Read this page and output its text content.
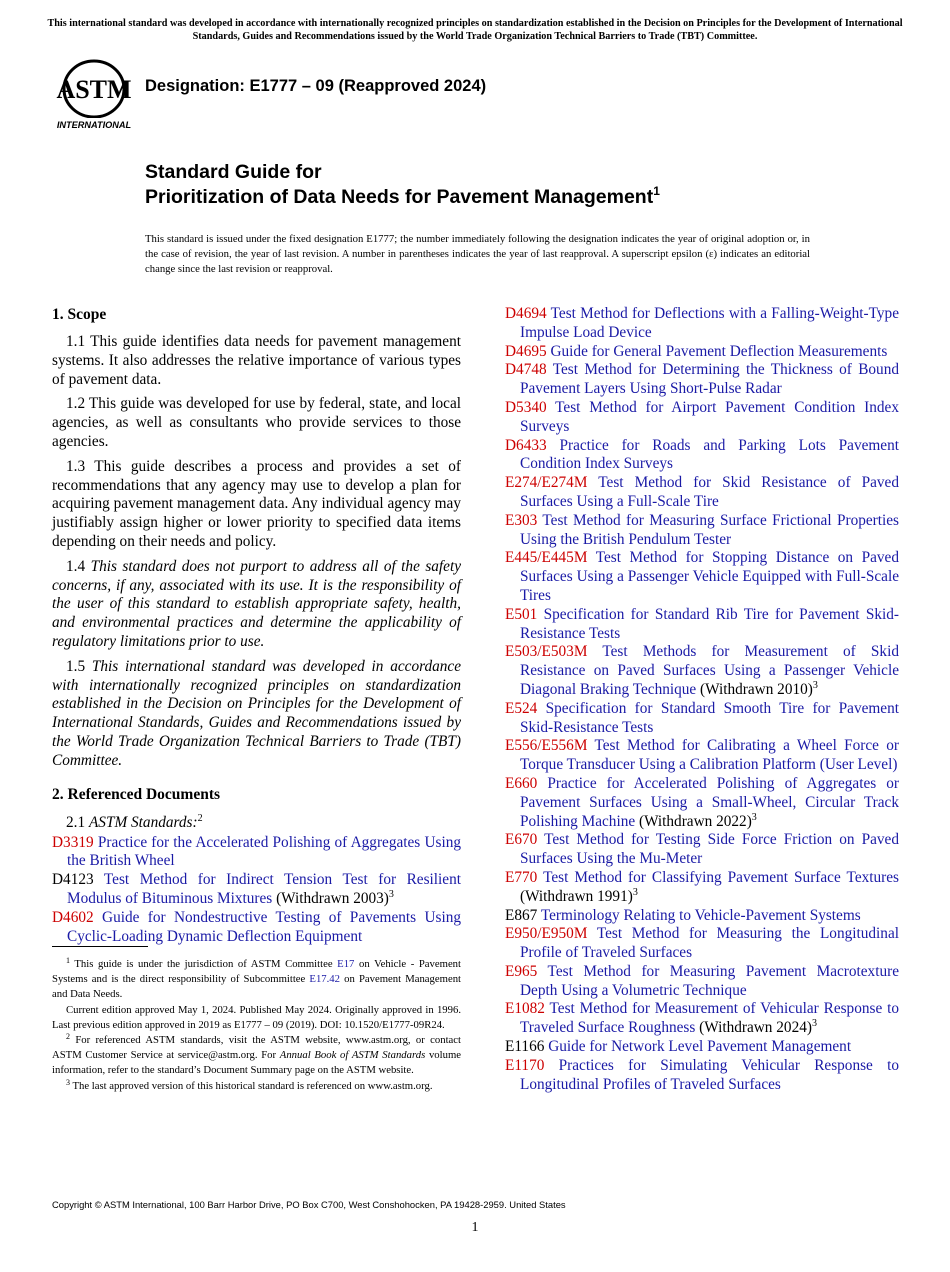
This international standard was developed in accordance with internationally recognized principles on standardization established in the Decision on Principles for the Development of International Standards, Guides and Recommendations issued by the World Trade Organization Technical Barriers to Trade (TBT) Committee.
ASTM
INTERNATIONAL
Designation: E1777 – 09 (Reapproved 2024)
Standard Guide for
Prioritization of Data Needs for Pavement Management$^1$
This standard is issued under the fixed designation E1777; the number immediately following the designation indicates the year of original adoption or, in the case of revision, the year of last revision. A number in parentheses indicates the year of last reapproval. A superscript epsilon (ε) indicates an editorial change since the last revision or reapproval.
1. Scope

1.1 This guide identifies data needs for pavement management systems. It also addresses the relative importance of various types of pavement data.

1.2 This guide was developed for use by federal, state, and local agencies, as well as consultants who provide services to those agencies.

1.3 This guide describes a process and provides a set of recommendations that any agency may use to develop a plan for acquiring pavement management data. Any individual agency may justifiably assign higher or lower priority to specified data items depending on their needs and policy.

1.4 This standard does not purport to address all of the safety concerns, if any, associated with its use. It is the responsibility of the user of this standard to establish appropriate safety, health, and environmental practices and determine the applicability of regulatory limitations prior to use.

1.5 This international standard was developed in accordance with internationally recognized principles on standardization established in the Decision on Principles for the Development of International Standards, Guides and Recommendations issued by the World Trade Organization Technical Barriers to Trade (TBT) Committee.

2. Referenced Documents
2.1 ASTM Standards:$^2$

D3319 Practice for the Accelerated Polishing of Aggregates Using the British Wheel

D4123 Test Method for Indirect Tension Test for Resilient Modulus of Bituminous Mixtures (Withdrawn 2003)$^3$

D4602 Guide for Nondestructive Testing of Pavements Using Cyclic-Loading Dynamic Deflection Equipment

D4694 Test Method for Deflections with a Falling-Weight-Type Impulse Load Device

D4695 Guide for General Pavement Deflection Measurements

D4748 Test Method for Determining the Thickness of Bound Pavement Layers Using Short-Pulse Radar

D5340 Test Method for Airport Pavement Condition Index Surveys

D6433 Practice for Roads and Parking Lots Pavement Condition Index Surveys

E274/E274M Test Method for Skid Resistance of Paved Surfaces Using a Full-Scale Tire

E303 Test Method for Measuring Surface Frictional Properties Using the British Pendulum Tester

E445/E445M Test Method for Stopping Distance on Paved Surfaces Using a Passenger Vehicle Equipped with Full-Scale Tires

E501 Specification for Standard Rib Tire for Pavement Skid-Resistance Tests

E503/E503M Test Methods for Measurement of Skid Resistance on Paved Surfaces Using a Passenger Vehicle Diagonal Braking Technique (Withdrawn 2010)$^3$

E524 Specification for Standard Smooth Tire for Pavement Skid-Resistance Tests

E556/E556M Test Method for Calibrating a Wheel Force or Torque Transducer Using a Calibration Platform (User Level)

E660 Practice for Accelerated Polishing of Aggregates or Pavement Surfaces Using a Small-Wheel, Circular Track Polishing Machine (Withdrawn 2022)$^3$

E670 Test Method for Testing Side Force Friction on Paved Surfaces Using the Mu-Meter

E770 Test Method for Classifying Pavement Surface Textures (Withdrawn 1991)$^3$

E867 Terminology Relating to Vehicle-Pavement Systems

E950/E950M Test Method for Measuring the Longitudinal Profile of Traveled Surfaces

E965 Test Method for Measuring Pavement Macrotexture Depth Using a Volumetric Technique

E1082 Test Method for Measurement of Vehicular Response to Traveled Surface Roughness (Withdrawn 2024)$^3$

E1166 Guide for Network Level Pavement Management

E1170 Practices for Simulating Vehicular Response to Longitudinal Profiles of Traveled Surfaces

$^1$ This guide is under the jurisdiction of ASTM Committee E17 on Vehicle - Pavement Systems and is the direct responsibility of Subcommittee E17.42 on Pavement Management and Data Needs.

Current edition approved May 1, 2024. Published May 2024. Originally approved in 1996. Last previous edition approved in 2019 as E1777 – 09 (2019). DOI: 10.1520/E1777-09R24.

$^2$ For referenced ASTM standards, visit the ASTM website, www.astm.org, or contact ASTM Customer Service at service@astm.org. For Annual Book of ASTM Standards volume information, refer to the standard’s Document Summary page on the ASTM website.

$^3$ The last approved version of this historical standard is referenced on www.astm.org.

Copyright © ASTM International, 100 Barr Harbor Drive, PO Box C700, West Conshohocken, PA 19428-2959. United States
1
